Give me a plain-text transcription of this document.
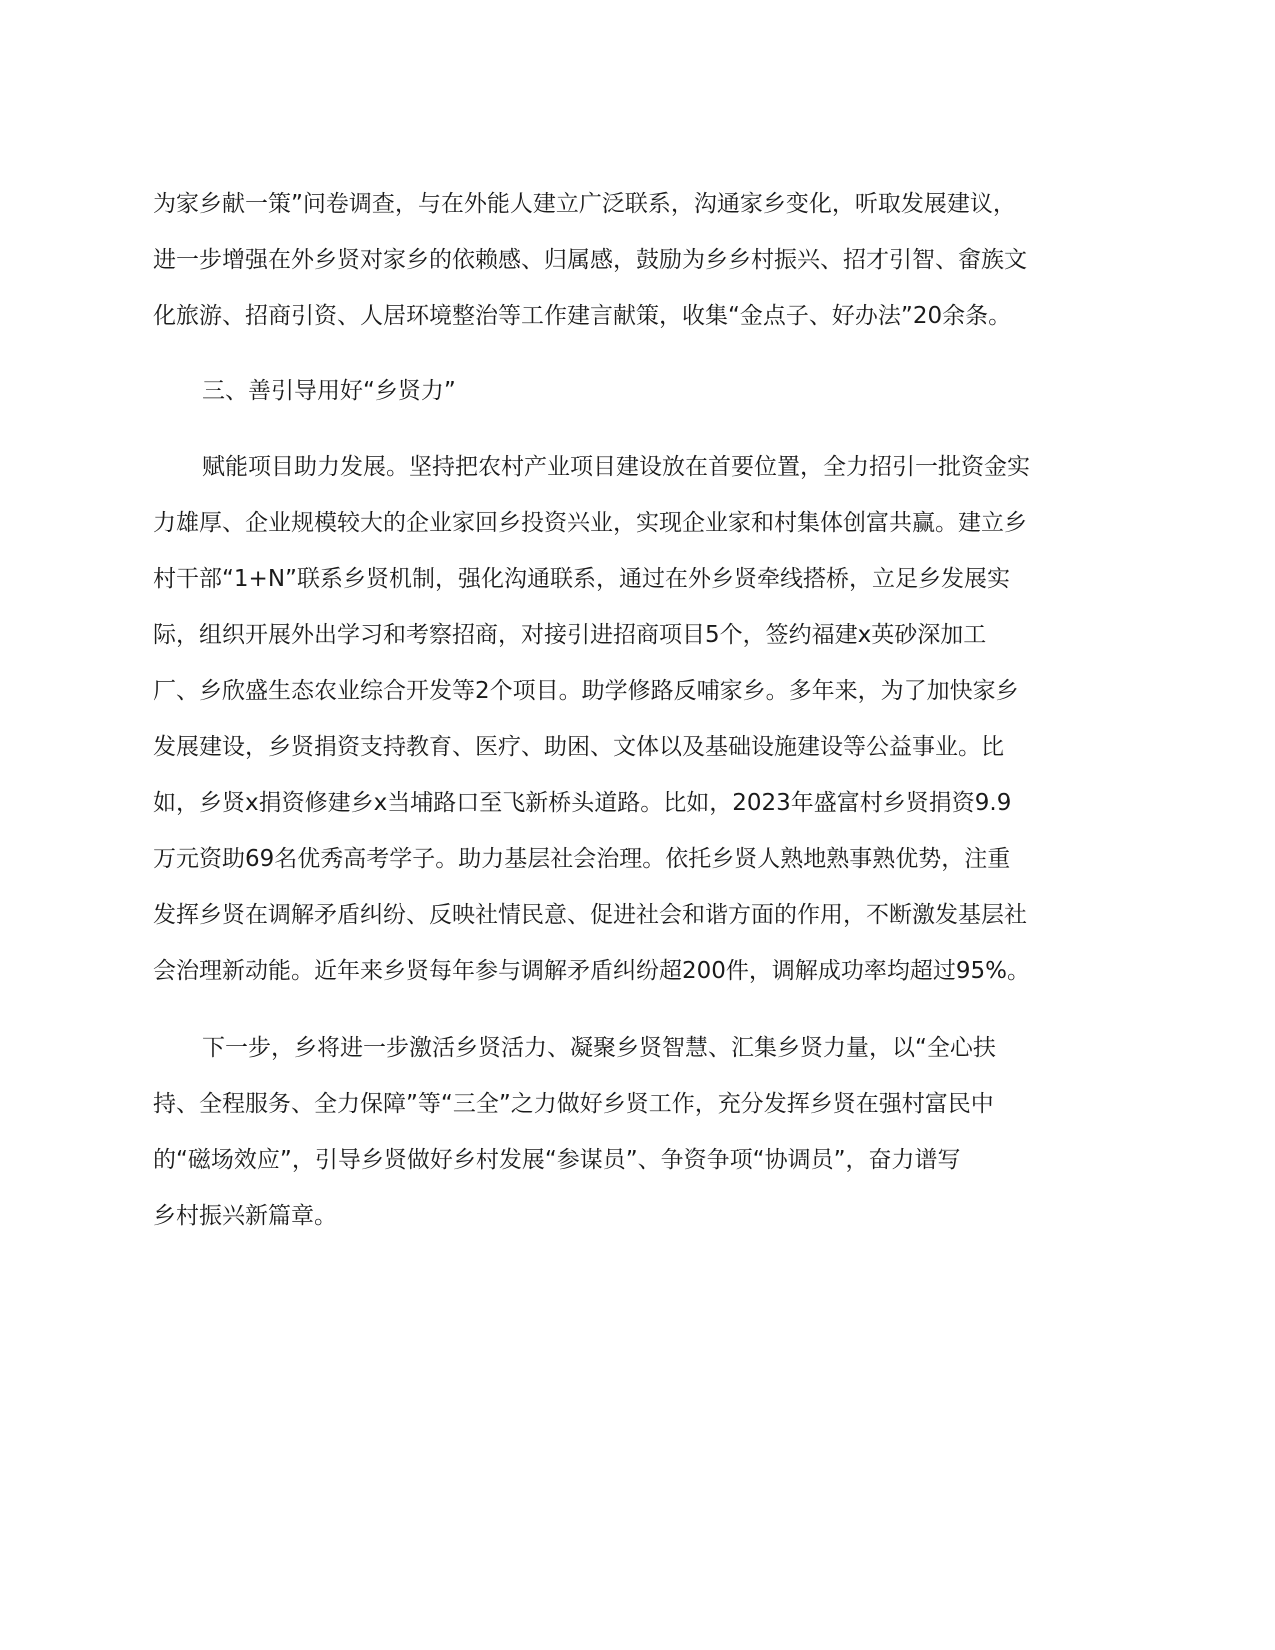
为家乡献一策”问卷调查，与在外能人建立广泛联系，沟通家乡变化，听取发展建议，
进一步增强在外乡贤对家乡的依赖感、归属感，鼓励为乡乡村振兴、招才引智、畲族文
化旅游、招商引资、人居环境整治等工作建言献策，收集“金点子、好办法”20余条。
三、善引导用好“乡贤力”
赋能项目助力发展。坚持把农村产业项目建设放在首要位置，全力招引一批资金实
力雄厚、企业规模较大的企业家回乡投资兴业，实现企业家和村集体创富共赢。建立乡
村干部“1+N”联系乡贤机制，强化沟通联系，通过在外乡贤牵线搭桥，立足乡发展实
际，组织开展外出学习和考察招商，对接引进招商项目5个，签约福建x英砂深加工
厂、乡欣盛生态农业综合开发等2个项目。助学修路反哺家乡。多年来，为了加快家乡
发展建设，乡贤捐资支持教育、医疗、助困、文体以及基础设施建设等公益事业。比
如，乡贤x捐资修建乡x当埔路口至飞新桥头道路。比如，2023年盛富村乡贤捐资9.9
万元资助69名优秀高考学子。助力基层社会治理。依托乡贤人熟地熟事熟优势，注重
发挥乡贤在调解矛盾纠纷、反映社情民意、促进社会和谐方面的作用，不断激发基层社
会治理新动能。近年来乡贤每年参与调解矛盾纠纷超200件，调解成功率均超过95%。
下一步，乡将进一步激活乡贤活力、凝聚乡贤智慧、汇集乡贤力量，以“全心扶
持、全程服务、全力保障”等“三全”之力做好乡贤工作，充分发挥乡贤在强村富民中
的“磁场效应”，引导乡贤做好乡村发展“参谋员”、争资争项“协调员”，奋力谱写
乡村振兴新篇章。
